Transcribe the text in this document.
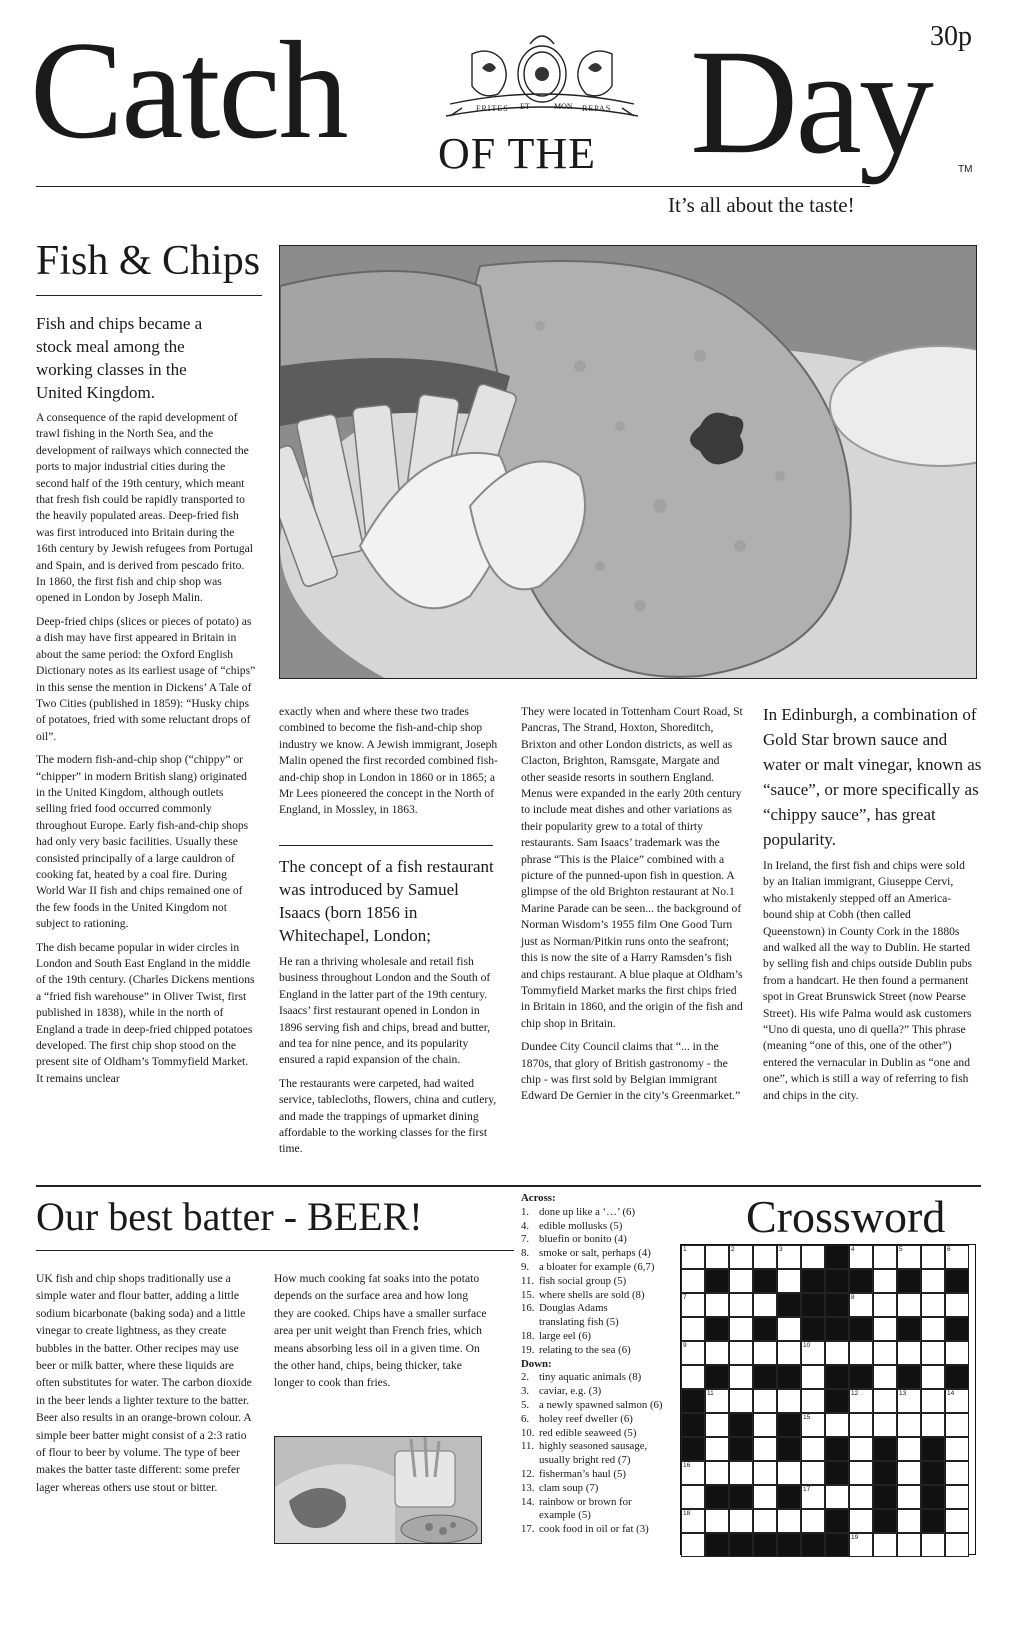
Catch OF THE Day 30p
TM
It’s all about the taste!
FRITES ET	MON REPAS
Fish & Chips
Fish and chips became a stock meal among the working classes in the United Kingdom.

A consequence of the rapid development of trawl fishing in the North Sea, and the development of railways which connected the ports to major industrial cities during the second half of the 19th century, which meant that fresh fish could be rapidly transported to the heavily populated areas. Deep-fried fish was first introduced into Britain during the 16th century by Jewish refugees from Portugal and Spain, and is derived from pescado frito. In 1860, the first fish and chip shop was opened in London by Joseph Malin.

Deep-fried chips (slices or pieces of potato) as a dish may have first appeared in Britain in about the same period: the Oxford English Dictionary notes as its earliest usage of “chips” in this sense the mention in Dickens’ A Tale of Two Cities (published in 1859): “Husky chips of potatoes, fried with some reluctant drops of oil”.

The modern fish-and-chip shop (“chippy” or “chipper” in modern British slang) originated in the United Kingdom, although outlets selling fried food occurred commonly throughout Europe. Early fish-and-chip shops had only very basic facilities. Usually these consisted principally of a large cauldron of cooking fat, heated by a coal fire. During World War II fish and chips remained one of the few foods in the United Kingdom not subject to rationing.

The dish became popular in wider circles in London and South East England in the middle of the 19th century. (Charles Dickens mentions a “fried fish warehouse” in Oliver Twist, first published in 1838), while in the north of England a trade in deep-fried chipped potatoes developed. The first chip shop stood on the present site of Oldham’s Tommyfield Market. It remains unclear

exactly when and where these two trades combined to become the fish-and-chip shop industry we know. A Jewish immigrant, Joseph Malin opened the first recorded combined fish-and-chip shop in London in 1860 or in 1865; a Mr Lees pioneered the concept in the North of England, in Mossley, in 1863.
The concept of a fish restaurant was introduced by Samuel Isaacs (born 1856 in Whitechapel, London;

He ran a thriving wholesale and retail fish business throughout London and the South of England in the latter part of the 19th century. Isaacs’ first restaurant opened in London in 1896 serving fish and chips, bread and butter, and tea for nine pence, and its popularity ensured a rapid expansion of the chain.

The restaurants were carpeted, had waited service, tablecloths, flowers, china and cutlery, and made the trappings of upmarket dining affordable to the working classes for the first time.

They were located in Tottenham Court Road, St Pancras, The Strand, Hoxton, Shoreditch, Brixton and other London districts, as well as Clacton, Brighton, Ramsgate, Margate and other seaside resorts in southern England. Menus were expanded in the early 20th century to include meat dishes and other variations as their popularity grew to a total of thirty restaurants. Sam Isaacs’ trademark was the phrase “This is the Plaice” combined with a picture of the punned-upon fish in question. A glimpse of the old Brighton restaurant at No.1 Marine Parade can be seen... the background of Norman Wisdom’s 1955 film One Good Turn just as Norman/Pitkin runs onto the seafront; this is now the site of a Harry Ramsden’s fish and chips restaurant. A blue plaque at Oldham’s Tommyfield Market marks the first chips fried in Britain in 1860, and the origin of the fish and chip shop in Britain.

Dundee City Council claims that “... in the 1870s, that glory of British gastronomy - the chip - was first sold by Belgian immigrant Edward De Gernier in the city’s Greenmarket.”

In Edinburgh, a combination of Gold Star brown sauce and water or malt vinegar, known as “sauce”, or more specifically as “chippy sauce”, has great popularity.
In Ireland, the first fish and chips were sold by an Italian immigrant, Giuseppe Cervi, who mistakenly stepped off an America-bound ship at Cobh (then called Queenstown) in County Cork in the 1880s and walked all the way to Dublin. He started by selling fish and chips outside Dublin pubs from a handcart. He then found a permanent spot in Great Brunswick Street (now Pearse Street). His wife Palma would ask customers “Uno di questa, uno di quella?” This phrase (meaning “one of this, one of the other”) entered the vernacular in Dublin as “one and one”, which is still a way of referring to fish and chips in the city.
Our best batter - BEER!
UK fish and chip shops traditionally use a simple water and flour batter, adding a little sodium bicarbonate (baking soda) and a little vinegar to create lightness, as they create bubbles in the batter. Other recipes may use beer or milk batter, where these liquids are often substitutes for water. The carbon dioxide in the beer lends a lighter texture to the batter. Beer also results in an orange-brown colour. A simple beer batter might consist of a 2:3 ratio of flour to beer by volume. The type of beer makes the batter taste different: some prefer lager whereas others use stout or bitter.
How much cooking fat soaks into the potato depends on the surface area and how long they are cooked. Chips have a smaller surface area per unit weight than French fries, which means absorbing less oil in a given time. On the other hand, chips, being thicker, take longer to cook than fries.
Crossword
Across:
1. done up like a ‘…’ (6)
4. edible mollusks (5)
7. bluefin or bonito (4)
8. smoke or salt, perhaps (4)
9. a bloater for example (6,7)
11. fish social group (5)
15. where shells are sold (8)
16. Douglas Adams
translating fish (5)
18. large eel (6)
19. relating to the sea (6)
Down:
2. tiny aquatic animals (8)
3. caviar, e.g. (3)
5. a newly spawned salmon (6)
6. holey reef dweller (6)
10. red edible seaweed (5)
11. highly seasoned sausage,
usually bright red (7)
12. fisherman’s haul (5)
13. clam soup (7)
14. rainbow or brown for
example (5)
17. cook food in oil or fat (3)
1	2	3	4	5	6
7	8
9	10
11	12	13	14
15
16
17
18
19
